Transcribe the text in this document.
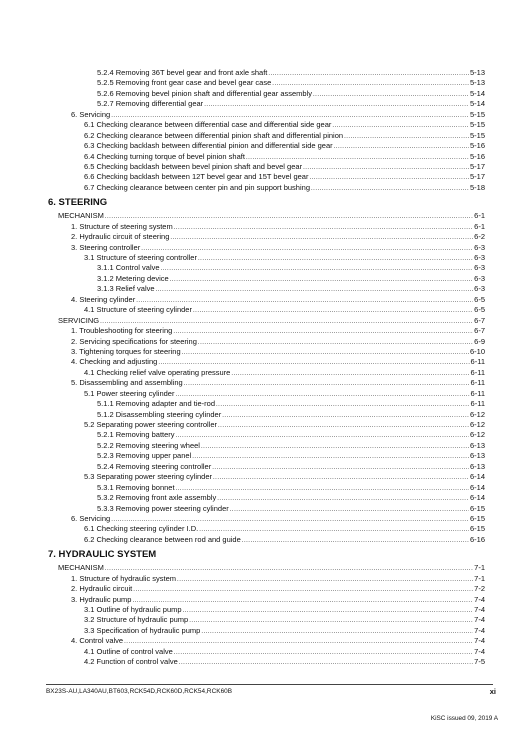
5.2.4 Removing 36T bevel gear and front axle shaft .....	5-13
5.2.5 Removing front gear case and bevel gear case .....	5-13
5.2.6 Removing bevel pinion shaft and differential gear assembly .....	5-14
5.2.7 Removing differential gear .....	5-14
6. Servicing .....	5-15
6.1 Checking clearance between differential case and differential side gear .....	5-15
6.2 Checking clearance between differential pinion shaft and differential pinion .....	5-15
6.3 Checking backlash between differential pinion and differential side gear .....	5-16
6.4 Checking turning torque of bevel pinion shaft .....	5-16
6.5 Checking backlash between bevel pinion shaft and bevel gear .....	5-17
6.6 Checking backlash between 12T bevel gear and 15T bevel gear .....	5-17
6.7 Checking clearance between center pin and pin support bushing .....	5-18
6. STEERING
MECHANISM .....	6-1
1. Structure of steering system .....	6-1
2. Hydraulic circuit of steering .....	6-2
3. Steering controller .....	6-3
3.1 Structure of steering controller .....	6-3
3.1.1 Control valve .....	6-3
3.1.2 Metering device .....	6-3
3.1.3 Relief valve .....	6-3
4. Steering cylinder .....	6-5
4.1 Structure of steering cylinder .....	6-5
SERVICING .....	6-7
1. Troubleshooting for steering .....	6-7
2. Servicing specifications for steering .....	6-9
3. Tightening torques for steering .....	6-10
4. Checking and adjusting .....	6-11
4.1 Checking relief valve operating pressure .....	6-11
5. Disassembling and assembling .....	6-11
5.1 Power steering cylinder .....	6-11
5.1.1 Removing adapter and tie-rod .....	6-11
5.1.2 Disassembling steering cylinder .....	6-12
5.2 Separating power steering controller .....	6-12
5.2.1 Removing battery .....	6-12
5.2.2 Removing steering wheel .....	6-13
5.2.3 Removing upper panel .....	6-13
5.2.4 Removing steering controller .....	6-13
5.3 Separating power steering cylinder .....	6-14
5.3.1 Removing bonnet .....	6-14
5.3.2 Removing front axle assembly .....	6-14
5.3.3 Removing power steering cylinder .....	6-15
6. Servicing .....	6-15
6.1 Checking steering cylinder I.D. .....	6-15
6.2 Checking clearance between rod and guide .....	6-16
7. HYDRAULIC SYSTEM
MECHANISM .....	7-1
1. Structure of hydraulic system .....	7-1
2. Hydraulic circuit .....	7-2
3. Hydraulic pump .....	7-4
3.1 Outline of hydraulic pump .....	7-4
3.2 Structure of hydraulic pump .....	7-4
3.3 Specification of hydraulic pump .....	7-4
4. Control valve .....	7-4
4.1 Outline of control valve .....	7-4
4.2 Function of control valve .....	7-5
BX23S-AU,LA340AU,BT603,RCK54D,RCK60D,RCK54,RCK60B	xi
KiSC issued 09, 2019 A
